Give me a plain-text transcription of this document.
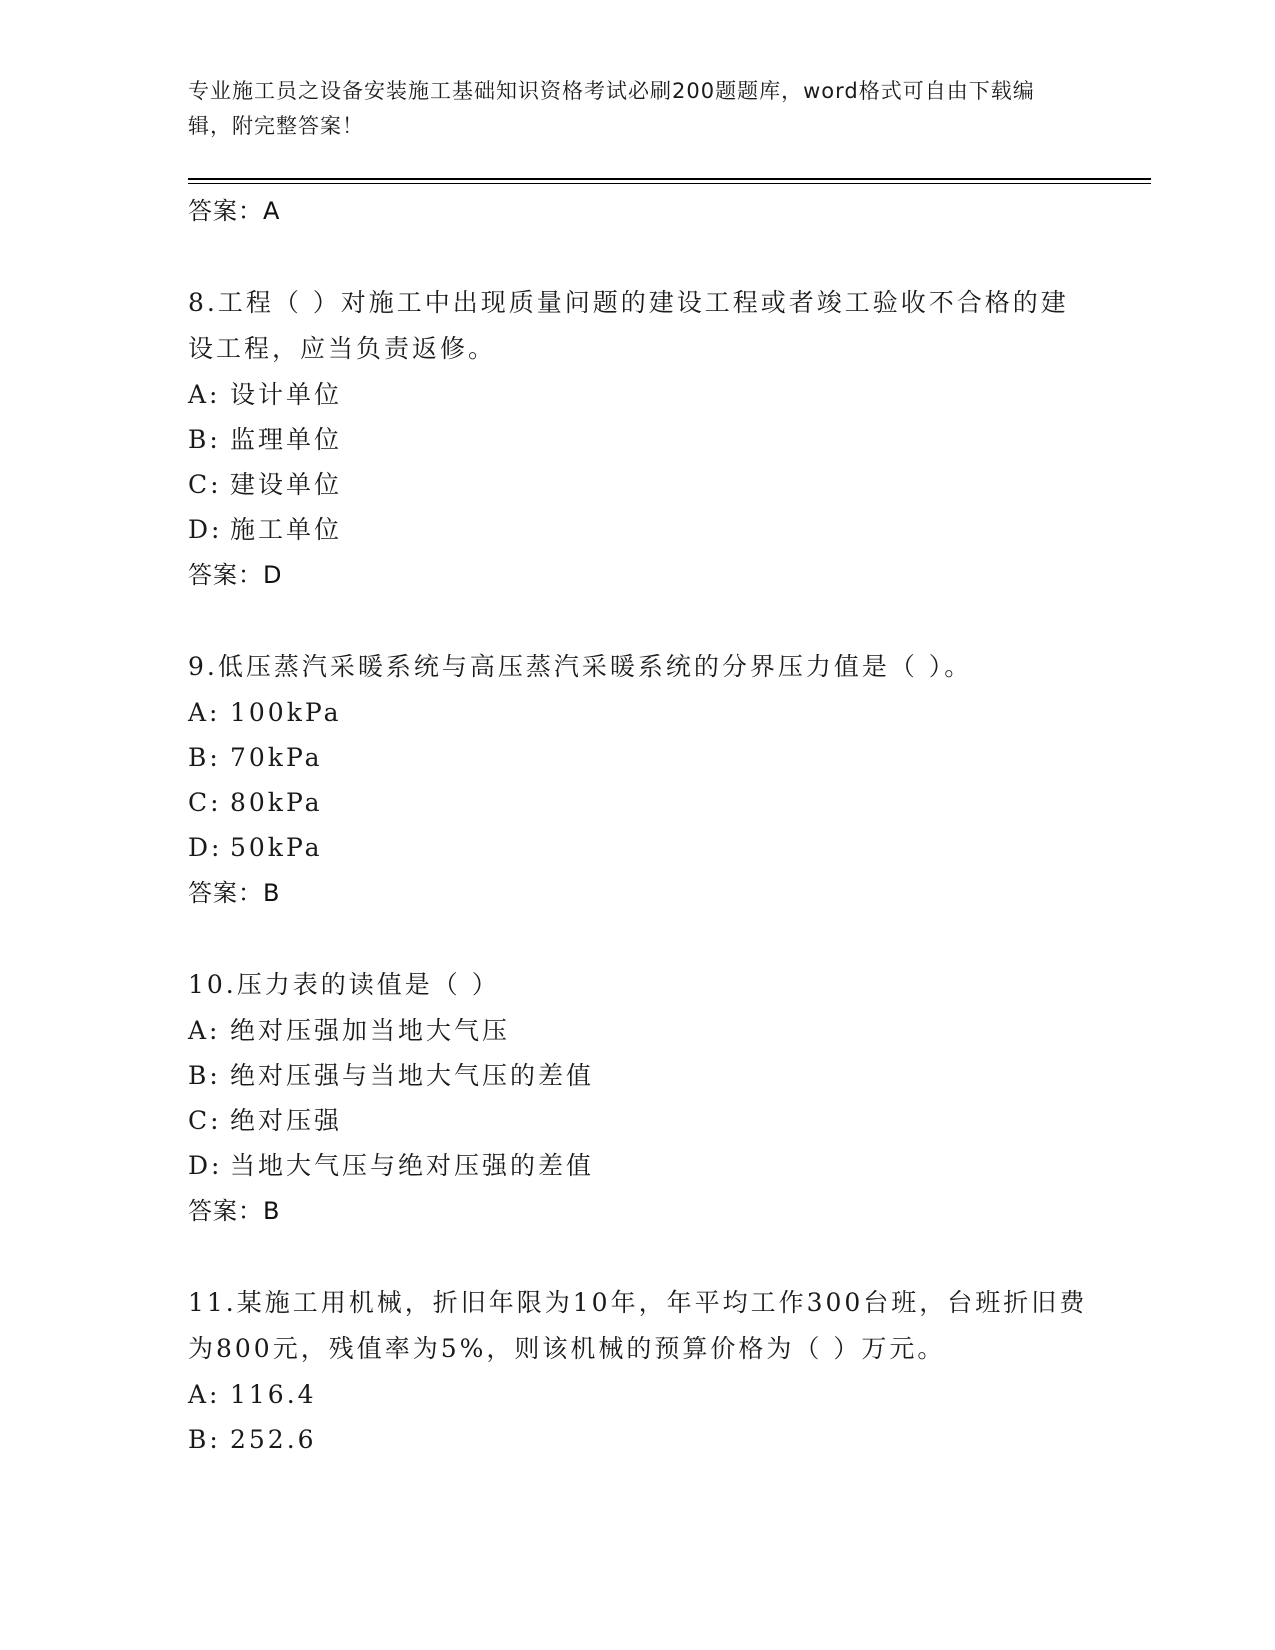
专业施工员之设备安装施工基础知识资格考试必刷200题题库，word格式可自由下载编辑，附完整答案！
答案：A
8.工程（ ）对施工中出现质量问题的建设工程或者竣工验收不合格的建设工程，应当负责返修。
A: 设计单位
B: 监理单位
C: 建设单位
D: 施工单位
答案：D
9.低压蒸汽采暖系统与高压蒸汽采暖系统的分界压力值是（ ）。
A: 100kPa
B: 70kPa
C: 80kPa
D: 50kPa
答案：B
10.压力表的读值是（ ）
A: 绝对压强加当地大气压
B: 绝对压强与当地大气压的差值
C: 绝对压强
D: 当地大气压与绝对压强的差值
答案：B
11.某施工用机械，折旧年限为10年，年平均工作300台班，台班折旧费为800元，残值率为5%，则该机械的预算价格为（ ）万元。
A: 116.4
B: 252.6
